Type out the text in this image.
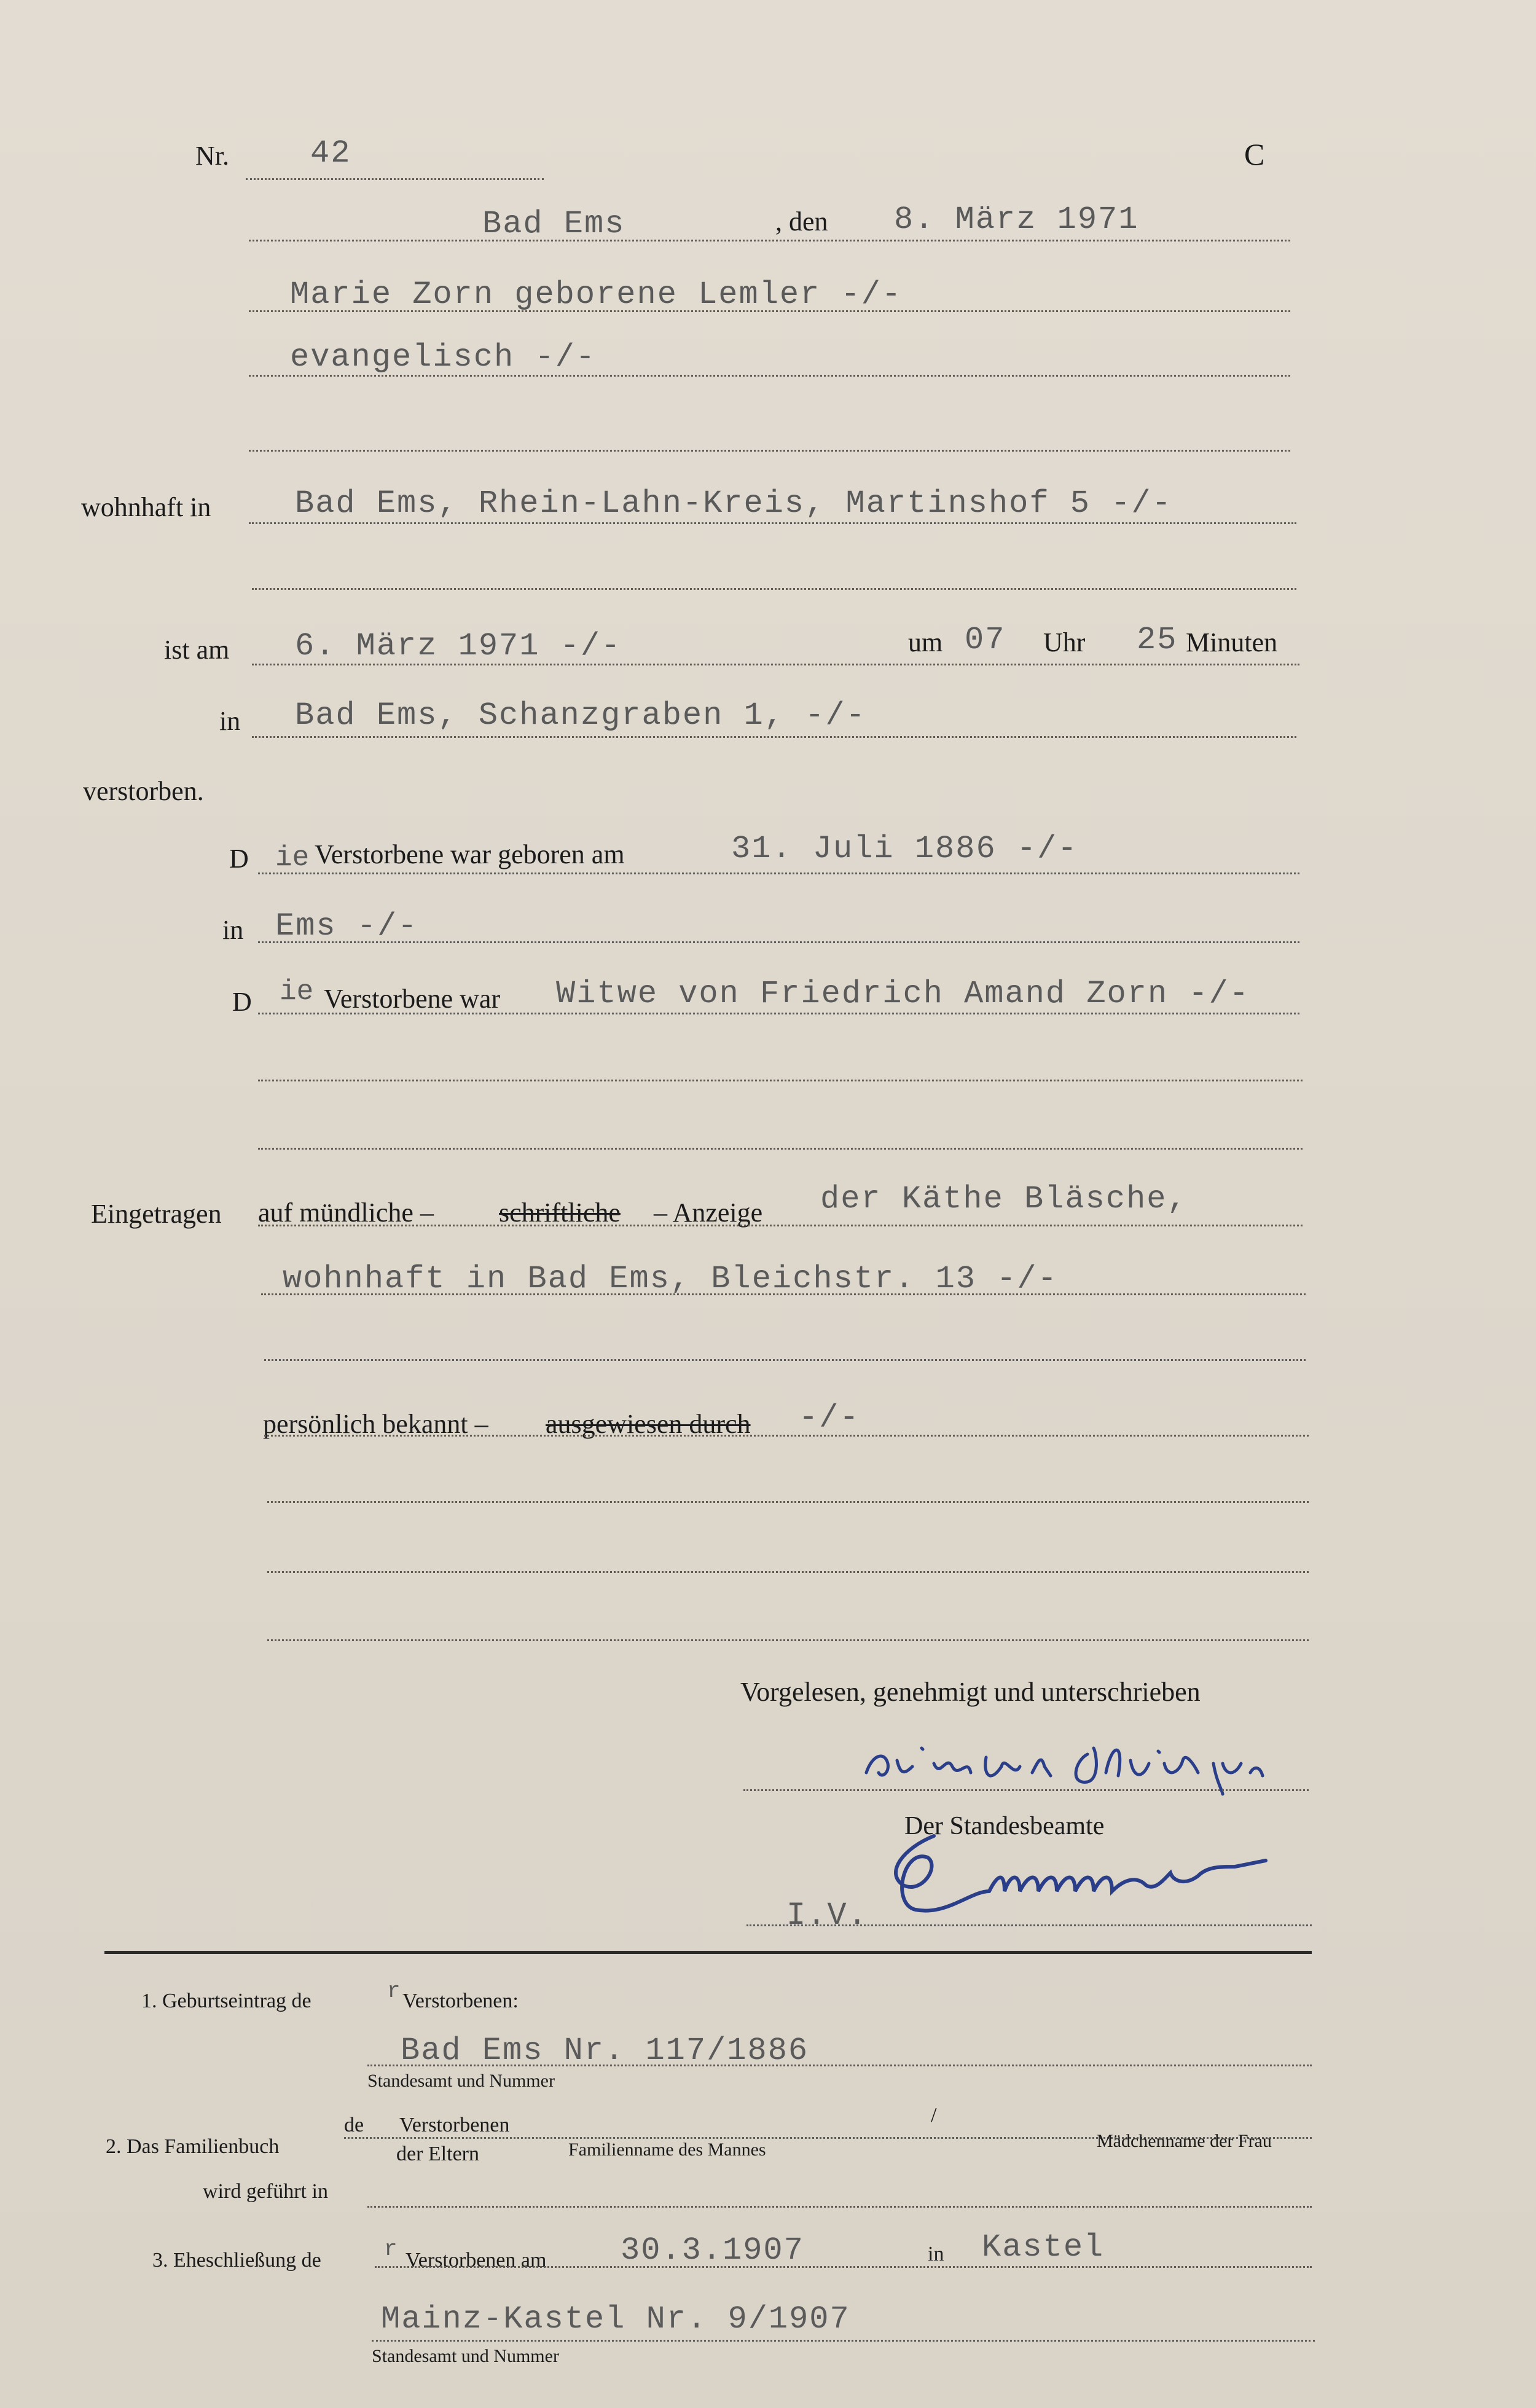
Nr.	42	C
Bad Ems	, den 8. März 1971
Marie Zorn geborene Lemler -/-
evangelisch -/-
wohnhaft in	Bad Ems, Rhein-Lahn-Kreis, Martinshof 5 -/-
ist am 6. März 1971 -/-	um 07 Uhr 25 Minuten
in Bad Ems, Schanzgraben 1, -/-
verstorben.
D ie Verstorbene war geboren am	31. Juli 1886 -/-
in Ems -/-
D ie Verstorbene war Witwe von Friedrich Amand Zorn -/-
Eingetragen auf mündliche – schriftliche – Anzeige der Käthe Bläsche,
wohnhaft in Bad Ems, Bleichstr. 13 -/-
persönlich bekannt – ausgewiesen durch -/-
Vorgelesen, genehmigt und unterschrieben
Der Standesbeamte
I.V.
1. Geburtseintrag de	r Verstorbenen:
Bad Ems Nr. 117/1886
Standesamt und Nummer
2. Das Familienbuch
de Verstorbenen	/
der Eltern	Familienname des Mannes	Mädchenname der Frau
wird geführt in
3. Eheschließung de	r Verstorbenen am 30.3.1907	in Kastel
Mainz-Kastel Nr. 9/1907
Standesamt und Nummer
